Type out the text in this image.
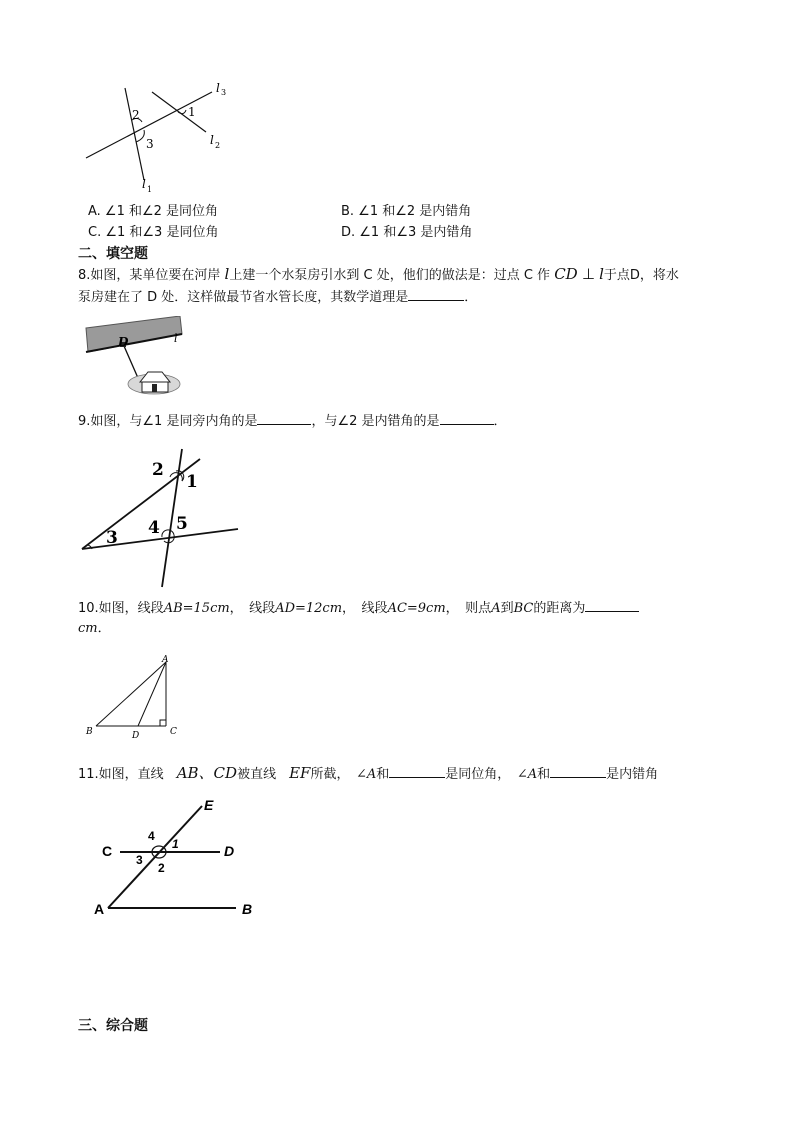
l 3
l 2
l 1
1
2
3
A. ∠1 和∠2 是同位角	B. ∠1 和∠2 是内错角
C. ∠1 和∠3 是同位角	D. ∠1 和∠3 是内错角
二、填空题
8.如图，某单位要在河岸 l上建一个水泵房引水到 C 处，他们的做法是：过点 C 作 CD ⊥ l于点D，将水
泵房建在了 D 处．这样做最节省水管长度，其数学道理是	．
D	l
9.如图，与∠1 是同旁内角的是	，与∠2 是内错角的是	．
2
1
4 5
3
10.如图，线段AB=15cm，　线段AD=12cm，　线段AC=9cm，　则点A到BC的距离为
cm．
A
B	D	C
11.如图，直线　 AB、CD被直线　 EF所截，　 ∠A和	是同位角，　 ∠A和	是内错角
E
C	D
A	B
4
1
3
2
三、综合题
